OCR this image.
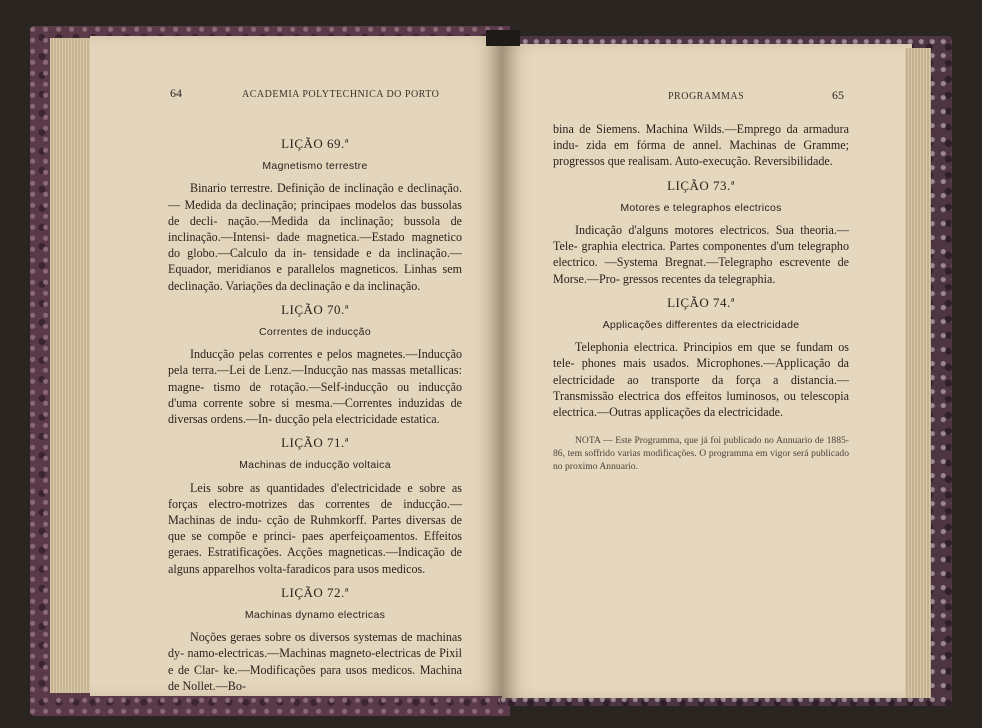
64	ACADEMIA POLYTECHNICA DO PORTO
LIÇÃO 69.ª
Magnetismo terrestre

Binario terrestre. Definição de inclinação e declinação.— Medida da declinação; principaes modelos das bussolas de decli- nação.—Medida da inclinação; bussola de inclinação.—Intensi- dade magnetica.—Estado magnetico do globo.—Calculo da in- tensidade e da inclinação.—Equador, meridianos e parallelos magneticos. Linhas sem declinação. Variações da declinação e da inclinação.

LIÇÃO 70.ª
Correntes de inducção

Inducção pelas correntes e pelos magnetes.—Inducção pela terra.—Lei de Lenz.—Inducção nas massas metallicas: magne- tismo de rotação.—Self-inducção ou inducção d'uma corrente sobre si mesma.—Correntes induzidas de diversas ordens.—In- ducção pela electricidade estatica.

LIÇÃO 71.ª
Machinas de inducção voltaica

Leis sobre as quantidades d'electricidade e sobre as forças electro-motrizes das correntes de inducção.—Machinas de indu- cção de Ruhmkorff. Partes diversas de que se compõe e princi- paes aperfeiçoamentos. Effeitos geraes. Estratificações. Acções magneticas.—Indicação de alguns apparelhos volta-faradicos para usos medicos.

LIÇÃO 72.ª
Machinas dynamo electricas

Noções geraes sobre os diversos systemas de machinas dy- namo-electricas.—Machinas magneto-electricas de Pixil e de Clar- ke.—Modificações para usos medicos. Machina de Nollet.—Bo-

PROGRAMMAS	65

bina de Siemens. Machina Wilds.—Emprego da armadura indu- zida em fórma de annel. Machinas de Gramme; progressos que realisam. Auto-execução. Reversibilidade.

LIÇÃO 73.ª
Motores e telegraphos electricos

Indicação d'alguns motores electricos. Sua theoria.—Tele- graphia electrica. Partes componentes d'um telegrapho electrico. —Systema Bregnat.—Telegrapho escrevente de Morse.—Pro- gressos recentes da telegraphia.

LIÇÃO 74.ª
Applicações differentes da electricidade

Telephonia electrica. Principios em que se fundam os tele- phones mais usados. Microphones.—Applicação da electricidade ao transporte da força a distancia.—Transmissão electrica dos effeitos luminosos, ou telescopia electrica.—Outras applicações da electricidade.

NOTA — Este Programma, que já foi publicado no Annuario de 1885-86, tem soffrido varias modificações. O programma em vigor será publicado no proximo Annuario.
